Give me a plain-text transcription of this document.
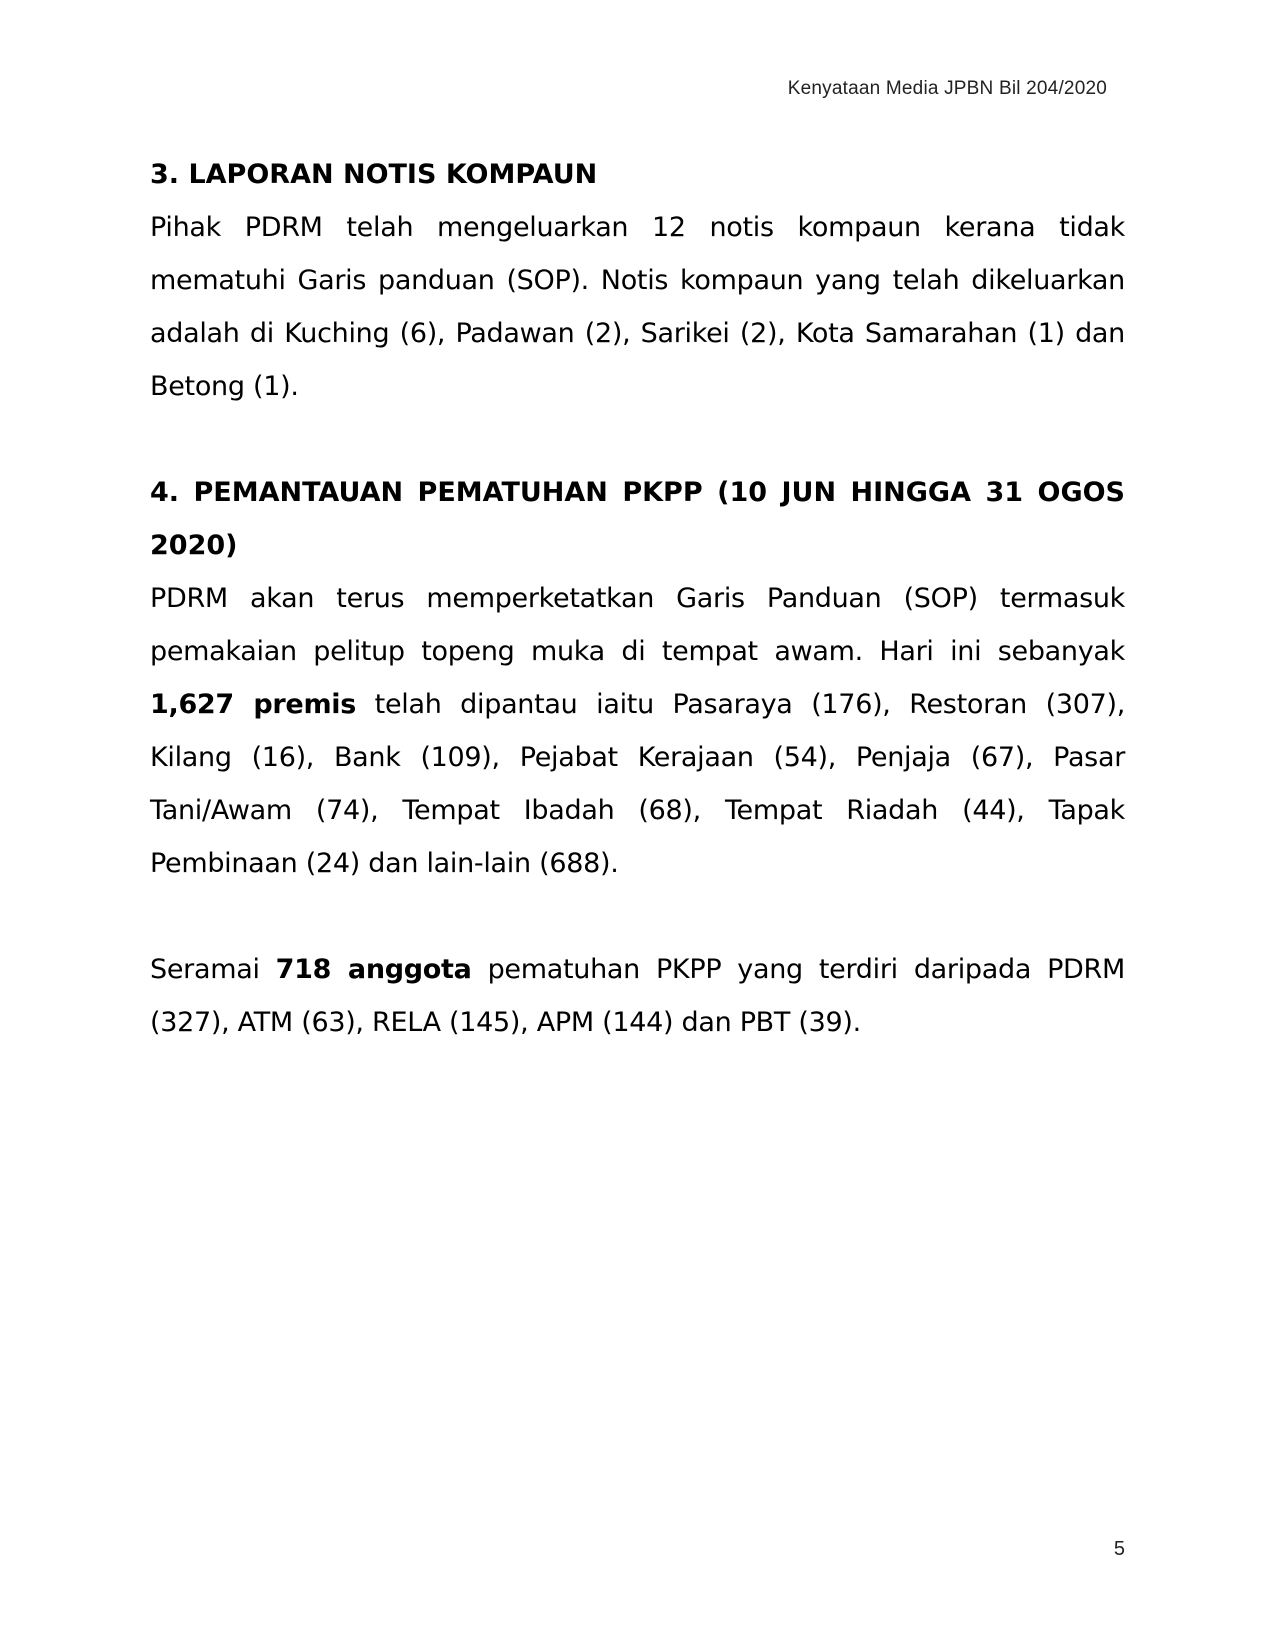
Kenyataan Media JPBN Bil 204/2020
3. LAPORAN NOTIS KOMPAUN

Pihak PDRM telah mengeluarkan 12 notis kompaun kerana tidak mematuhi Garis panduan (SOP). Notis kompaun yang telah dikeluarkan adalah di Kuching (6), Padawan (2), Sarikei (2), Kota Samarahan (1) dan Betong (1).

4. PEMANTAUAN PEMATUHAN PKPP (10 JUN HINGGA 31 OGOS 2020)

PDRM akan terus memperketatkan Garis Panduan (SOP) termasuk pemakaian pelitup topeng muka di tempat awam. Hari ini sebanyak 1,627 premis telah dipantau iaitu Pasaraya (176), Restoran (307), Kilang (16), Bank (109), Pejabat Kerajaan (54), Penjaja (67), Pasar Tani/Awam (74), Tempat Ibadah (68), Tempat Riadah (44), Tapak Pembinaan (24) dan lain-lain (688).

Seramai 718 anggota pematuhan PKPP yang terdiri daripada PDRM (327), ATM (63), RELA (145), APM (144) dan PBT (39).

5
